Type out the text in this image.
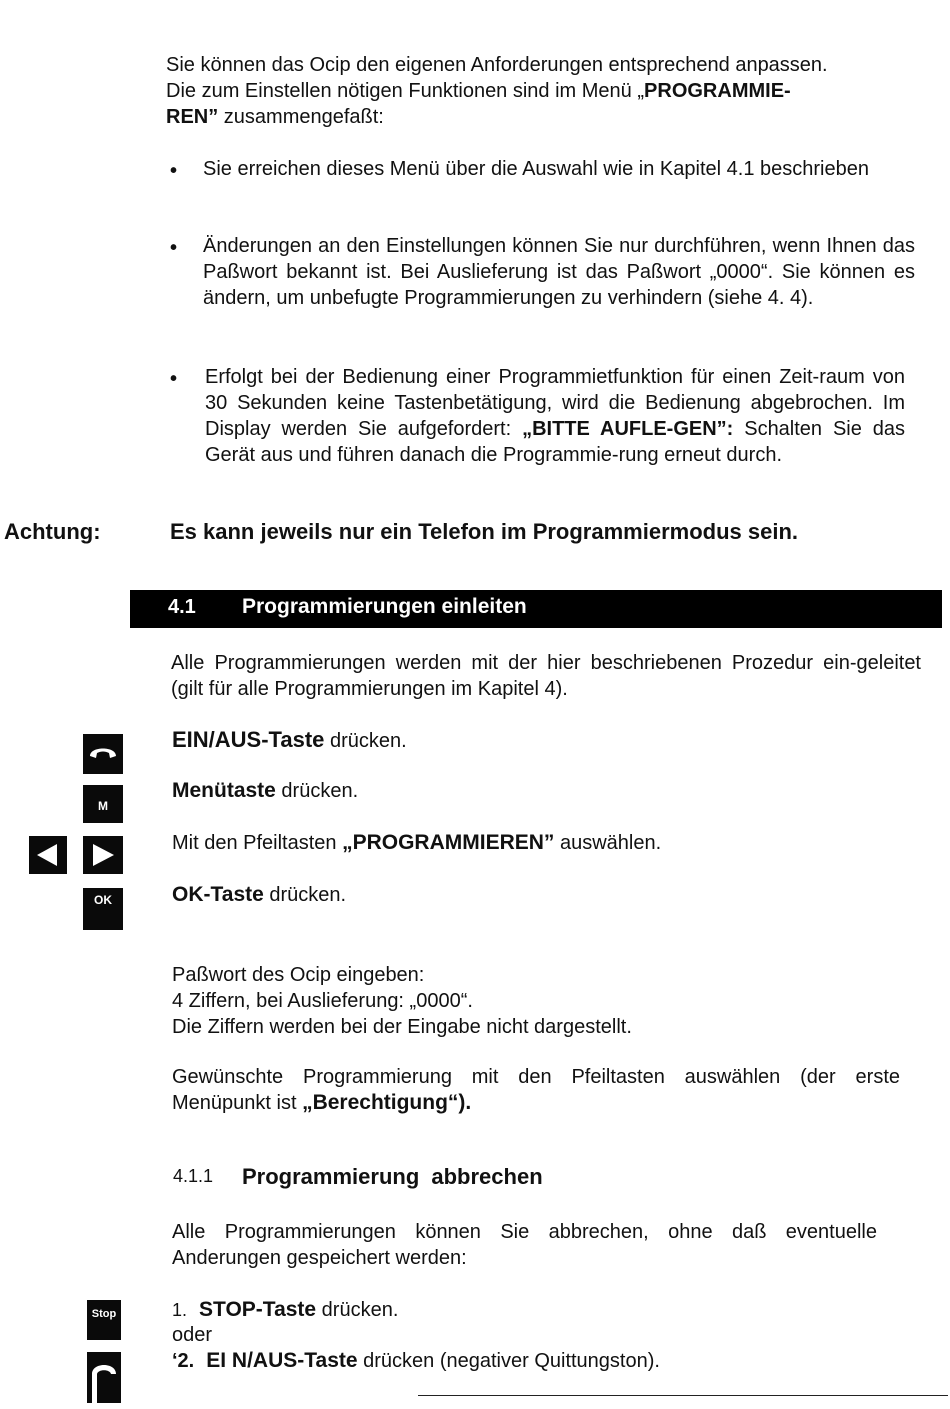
Sie können das Ocip den eigenen Anforderungen entsprechend anpassen.
Die zum Einstellen nötigen Funktionen sind im Menü „PROGRAMMIE-
REN” zusammengefaßt:
• Sie erreichen dieses Menü über die Auswahl wie in Kapitel 4.1 beschrieben
• Änderungen an den Einstellungen können Sie nur durchführen, wenn Ihnen das Paßwort bekannt ist. Bei Auslieferung ist das Paßwort „0000“. Sie können es ändern, um unbefugte Programmierungen zu verhindern (siehe 4. 4).
• Erfolgt bei der Bedienung einer Programmietfunktion für einen Zeit-raum von 30 Sekunden keine Tastenbetätigung, wird die Bedienung abgebrochen. Im Display werden Sie aufgefordert: „BITTE AUFLE-GEN”: Schalten Sie das Gerät aus und führen danach die Programmie-rung erneut durch.
Achtung:	Es kann jeweils nur ein Telefon im Programmiermodus sein.
4.1 Programmierungen einleiten
Alle Programmierungen werden mit der hier beschriebenen Prozedur ein-geleitet (gilt für alle Programmierungen im Kapitel 4).
M
OK
EIN/AUS-Taste drücken.
Menütaste drücken.
Mit den Pfeiltasten „PROGRAMMIEREN” auswählen.
OK-Taste drücken.
Paßwort des Ocip eingeben:
4 Ziffern, bei Auslieferung: „0000“.
Die Ziffern werden bei der Eingabe nicht dargestellt.
Gewünschte Programmierung mit den Pfeiltasten auswählen (der erste Menüpunkt ist „Berechtigung“).
4.1.1 Programmierung abbrechen
Alle Programmierungen können Sie abbrechen, ohne daß eventuelle Anderungen gespeichert werden:
Stop	1. STOP-Taste drücken.
oder
‘2. EI N/AUS-Taste drücken (negativer Quittungston).
